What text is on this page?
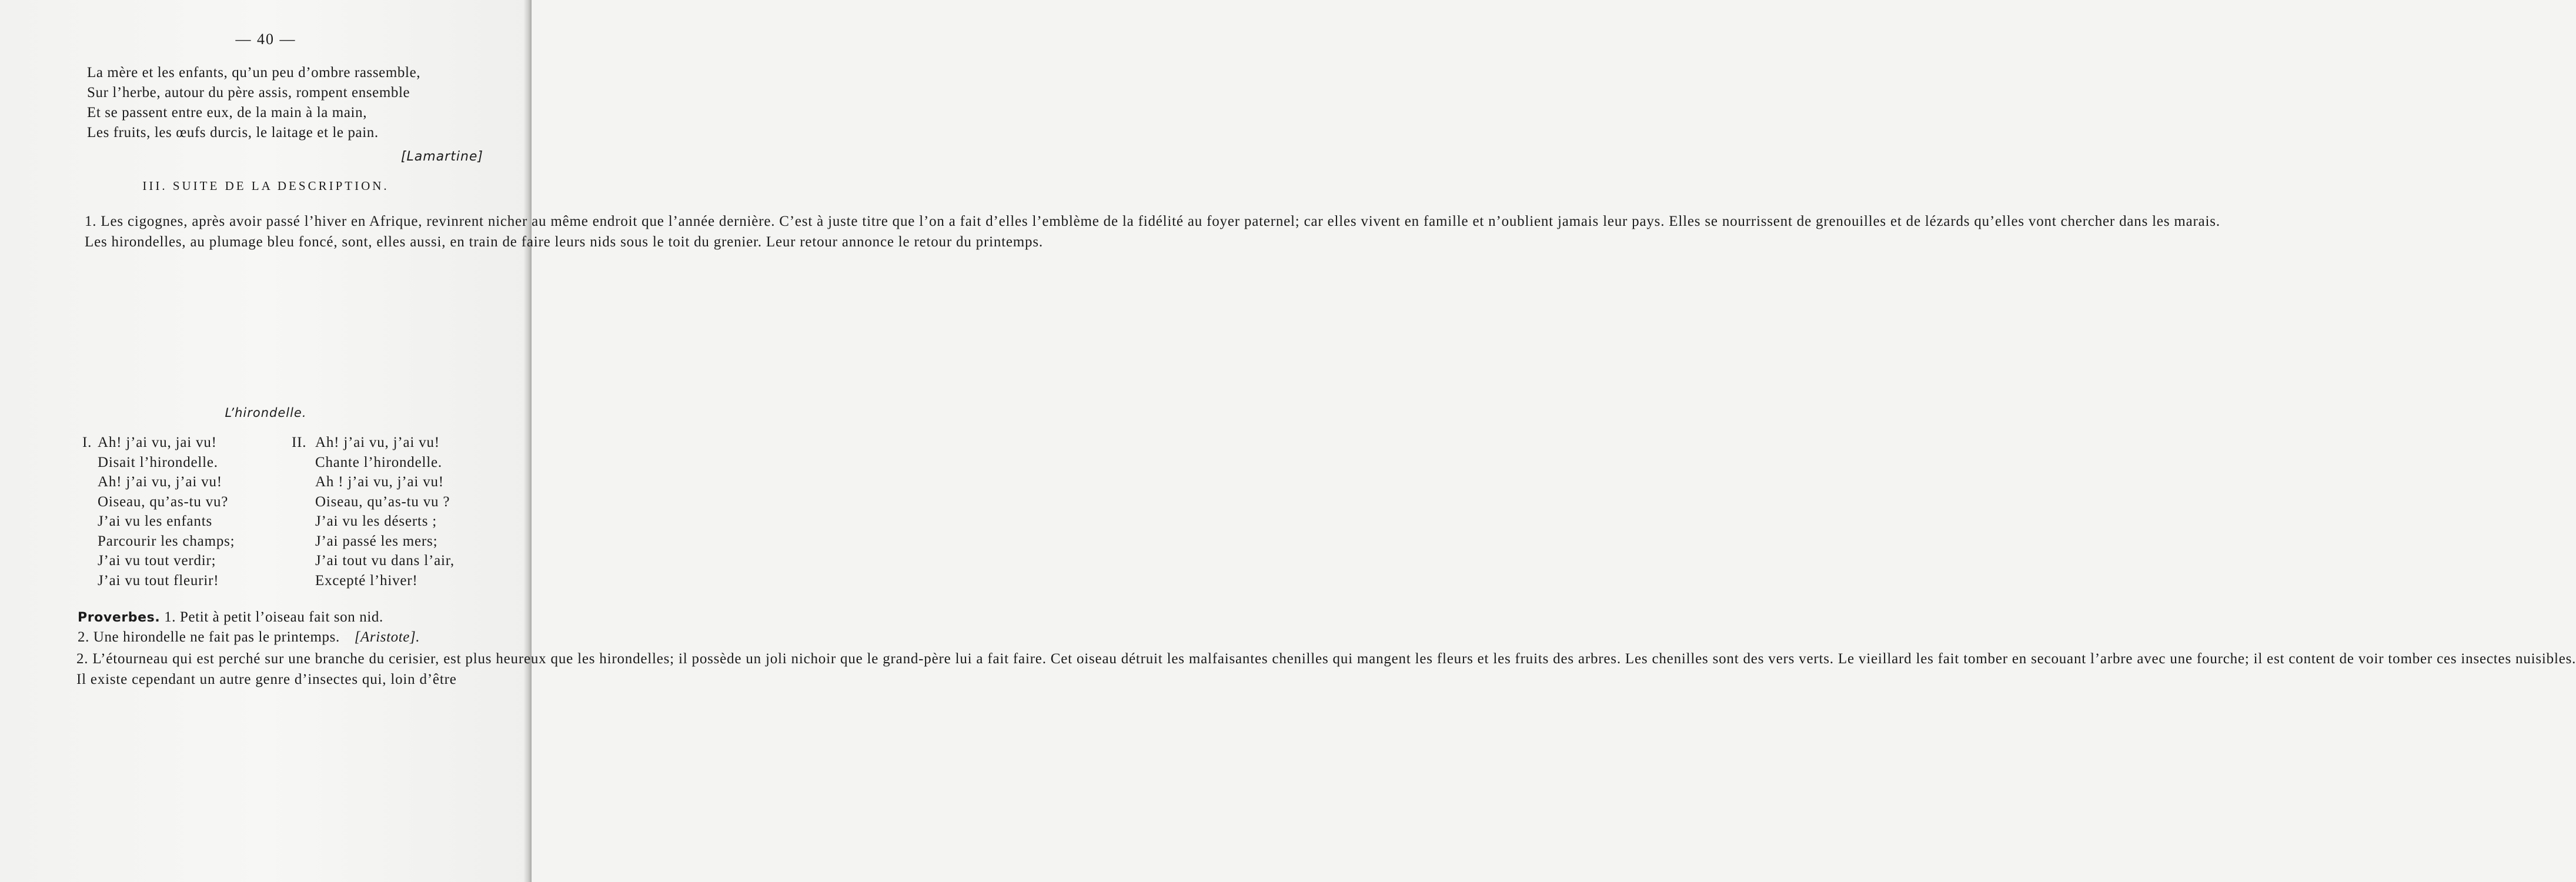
— 40 —
La mère et les enfants, qu’un peu d’ombre rassemble,
Sur l’herbe, autour du père assis, rompent ensemble
Et se passent entre eux, de la main à la main,
Les fruits, les œufs durcis, le laitage et le pain.
[Lamartine]
III. SUITE DE LA DESCRIPTION.

1. Les cigognes, après avoir passé l’hiver en Afrique, revinrent nicher au même endroit que l’année dernière. C’est à juste titre que l’on a fait d’elles l’emblème de la fidélité au foyer paternel; car elles vivent en famille et n’oublient jamais leur pays. Elles se nourrissent de grenouilles et de lézards qu’elles vont chercher dans les marais.

Les hirondelles, au plumage bleu foncé, sont, elles aussi, en train de faire leurs nids sous le toit du grenier. Leur retour annonce le retour du printemps.

L’hirondelle.
I. Ah! j’ai vu, jai vu!
Disait l’hirondelle.
Ah! j’ai vu, j’ai vu!
Oiseau, qu’as-tu vu?
J’ai vu les enfants
Parcourir les champs;
J’ai vu tout verdir;
J’ai vu tout fleurir!
II. Ah! j’ai vu, j’ai vu!
Chante l’hirondelle.
Ah ! j’ai vu, j’ai vu!
Oiseau, qu’as-tu vu ?
J’ai vu les déserts ;
J’ai passé les mers;
J’ai tout vu dans l’air,
Excepté l’hiver!
Proverbes. 1. Petit à petit l’oiseau fait son nid.
2. Une hirondelle ne fait pas le printemps. [Aristote].

2. L’étourneau qui est perché sur une branche du cerisier, est plus heureux que les hirondelles; il possède un joli nichoir que le grand-père lui a fait faire. Cet oiseau détruit les malfaisantes chenilles qui mangent les fleurs et les fruits des arbres. Les chenilles sont des vers verts. Le vieillard les fait tomber en secouant l’arbre avec une fourche; il est content de voir tomber ces insectes nuisibles.

Il existe cependant un autre genre d’insectes qui, loin d’être
